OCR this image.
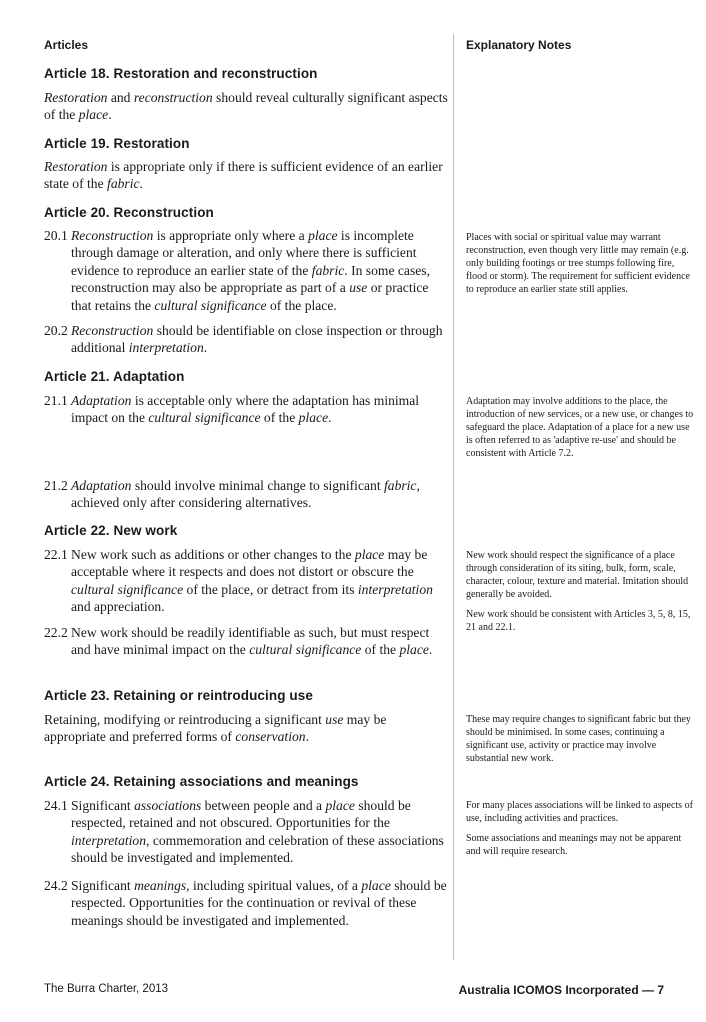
Articles	Explanatory Notes
Article 18. Restoration and reconstruction
Restoration and reconstruction should reveal culturally significant aspects of the place.
Article 19. Restoration
Restoration is appropriate only if there is sufficient evidence of an earlier state of the fabric.
Article 20. Reconstruction
20.1 Reconstruction is appropriate only where a place is incomplete through damage or alteration, and only where there is sufficient evidence to reproduce an earlier state of the fabric. In some cases, reconstruction may also be appropriate as part of a use or practice that retains the cultural significance of the place.
20.2 Reconstruction should be identifiable on close inspection or through additional interpretation.
Article 21. Adaptation
21.1 Adaptation is acceptable only where the adaptation has minimal impact on the cultural significance of the place.
21.2 Adaptation should involve minimal change to significant fabric, achieved only after considering alternatives.
Article 22. New work
22.1 New work such as additions or other changes to the place may be acceptable where it respects and does not distort or obscure the cultural significance of the place, or detract from its interpretation and appreciation.
22.2 New work should be readily identifiable as such, but must respect and have minimal impact on the cultural significance of the place.
Article 23. Retaining or reintroducing use
Retaining, modifying or reintroducing a significant use may be appropriate and preferred forms of conservation.
Article 24. Retaining associations and meanings
24.1 Significant associations between people and a place should be respected, retained and not obscured. Opportunities for the interpretation, commemoration and celebration of these associations should be investigated and implemented.
24.2 Significant meanings, including spiritual values, of a place should be respected. Opportunities for the continuation or revival of these meanings should be investigated and implemented.

Places with social or spiritual value may warrant reconstruction, even though very little may remain (e.g. only building footings or tree stumps following fire, flood or storm). The requirement for sufficient evidence to reproduce an earlier state still applies.

Adaptation may involve additions to the place, the introduction of new services, or a new use, or changes to safeguard the place. Adaptation of a place for a new use is often referred to as 'adaptive re-use' and should be consistent with Article 7.2.

New work should respect the significance of a place through consideration of its siting, bulk, form, scale, character, colour, texture and material. Imitation should generally be avoided.

New work should be consistent with Articles 3, 5, 8, 15, 21 and 22.1.

These may require changes to significant fabric but they should be minimised. In some cases, continuing a significant use, activity or practice may involve substantial new work.

For many places associations will be linked to aspects of use, including activities and practices.

Some associations and meanings may not be apparent and will require research.

The Burra Charter, 2013	Australia ICOMOS Incorporated — 7
